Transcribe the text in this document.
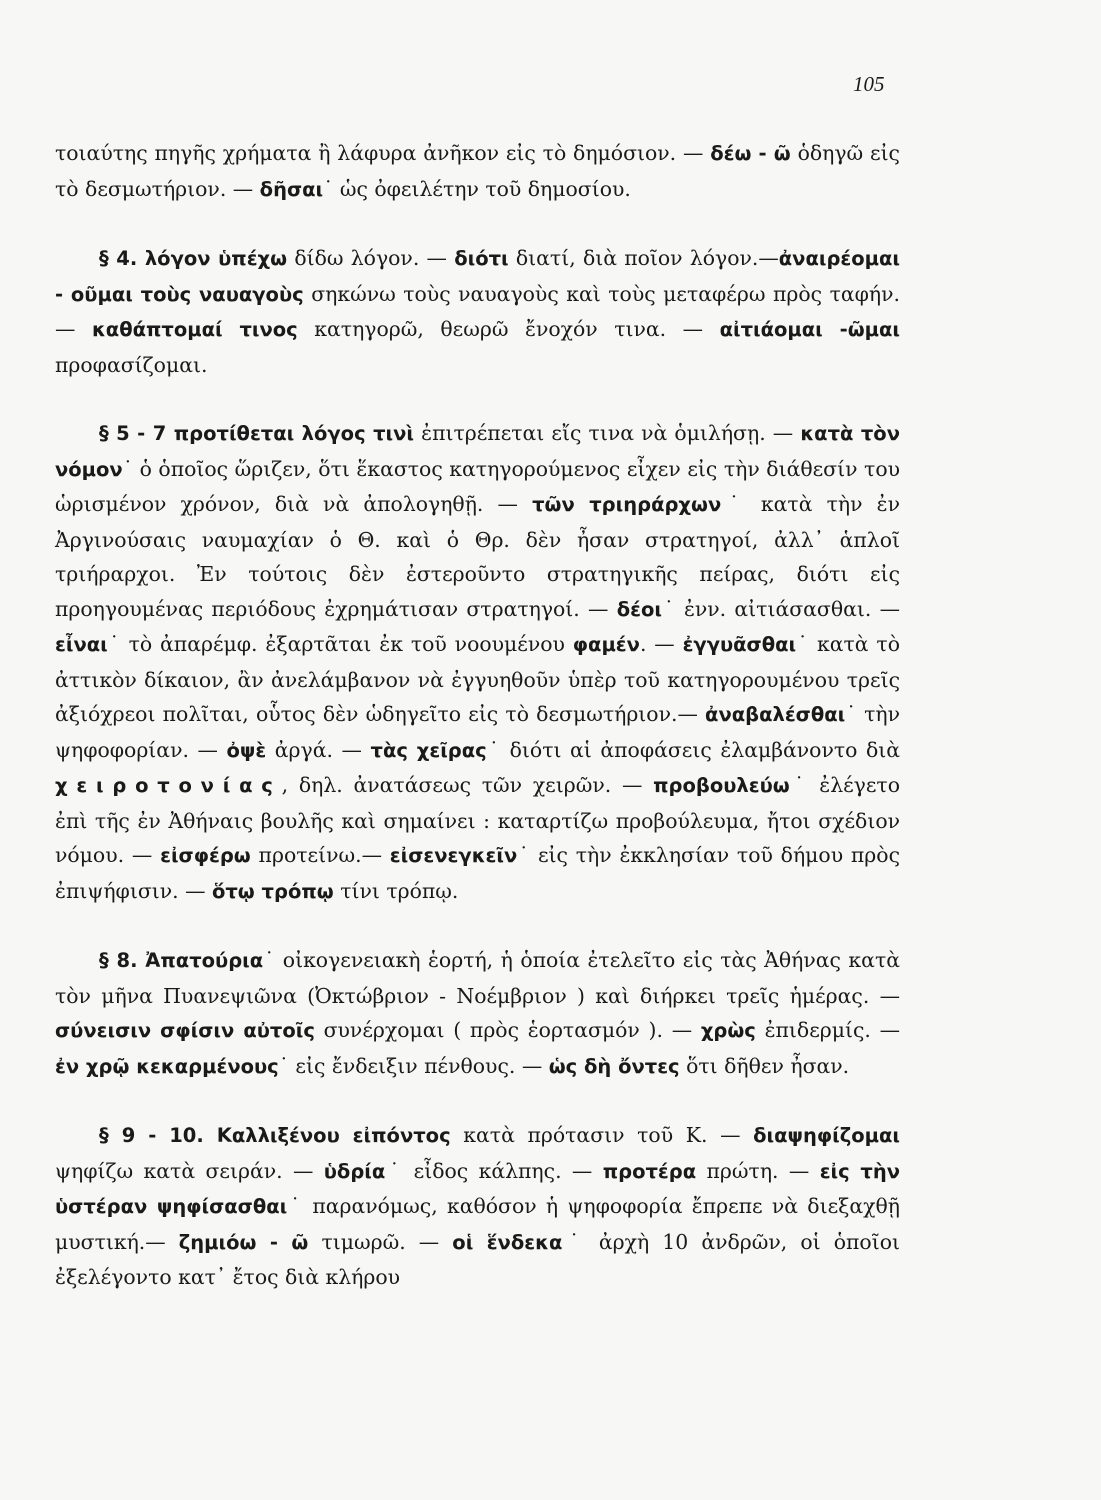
105

τοιαύτης πηγῆς χρήματα ἢ λάφυρα ἀνῆκον εἰς τὸ δημόσιον. — δέω - ῶ ὁδηγῶ εἰς τὸ δεσμωτήριον. — δῆσαι˙ ὡς ὀφειλέτην τοῦ δημοσίου.

§ 4. λόγον ὑπέχω δίδω λόγον. — διότι διατί, διὰ ποῖον λόγον.—ἀναιρέομαι - οῦμαι τοὺς ναυαγοὺς σηκώνω τοὺς ναυαγοὺς καὶ τοὺς μεταφέρω πρὸς ταφήν. — καθάπτομαί τινος κατηγορῶ, θεωρῶ ἔνοχόν τινα. — αἰτιάομαι -ῶμαι προφασίζομαι.

§ 5 - 7 προτίθεται λόγος τινὶ ἐπιτρέπεται εἴς τινα νὰ ὁμιλήσῃ. — κατὰ τὸν νόμον˙ ὁ ὁποῖος ὥριζεν, ὅτι ἕκαστος κατηγορούμενος εἶχεν εἰς τὴν διάθεσίν του ὡρισμένον χρόνον, διὰ νὰ ἀπολογηθῇ. — τῶν τριηράρχων˙ κατὰ τὴν ἐν Ἀργινούσαις ναυμαχίαν ὁ Θ. καὶ ὁ Θρ. δὲν ἦσαν στρατηγοί, ἀλλ᾿ ἁπλοῖ τριήραρχοι. Ἐν τούτοις δὲν ἐστεροῦντο στρατηγικῆς πείρας, διότι εἰς προηγουμένας περιόδους ἐχρημάτισαν στρατηγοί. — δέοι˙ ἐνν. αἰτιάσασθαι. — εἶναι˙ τὸ ἀπαρέμφ. ἐξαρτᾶται ἐκ τοῦ νοουμένου φαμέν. — ἐγγυᾶσθαι˙ κατὰ τὸ ἀττικὸν δίκαιον, ἂν ἀνελάμβανον νὰ ἐγγυηθοῦν ὑπὲρ τοῦ κατηγορουμένου τρεῖς ἀξιόχρεοι πολῖται, οὗτος δὲν ὡδηγεῖτο εἰς τὸ δεσμωτήριον.— ἀναβαλέσθαι˙ τὴν ψηφοφορίαν. — ὀψὲ ἀργά. — τὰς χεῖρας˙ διότι αἱ ἀποφάσεις ἐλαμβάνοντο διὰ χειροτονίας, δηλ. ἀνατάσεως τῶν χειρῶν. — προβουλεύω˙ ἐλέγετο ἐπὶ τῆς ἐν Ἀθήναις βουλῆς καὶ σημαίνει : καταρτίζω προβούλευμα, ἤτοι σχέδιον νόμου. — εἰσφέρω προτείνω.— εἰσενεγκεῖν˙ εἰς τὴν ἐκκλησίαν τοῦ δήμου πρὸς ἐπιψήφισιν. — ὅτῳ τρόπῳ τίνι τρόπῳ.

§ 8. Ἀπατούρια˙ οἰκογενειακὴ ἑορτή, ἡ ὁποία ἐτελεῖτο εἰς τὰς Ἀθήνας κατὰ τὸν μῆνα Πυανεψιῶνα (Ὀκτώβριον - Νοέμβριον ) καὶ διήρκει τρεῖς ἡμέρας. — σύνεισιν σφίσιν αὐτοῖς συνέρχομαι ( πρὸς ἑορτασμόν ). — χρὼς ἐπιδερμίς. — ἐν χρῷ κεκαρμένους˙ εἰς ἔνδειξιν πένθους. — ὡς δὴ ὄντες ὅτι δῆθεν ἦσαν.

§ 9 - 10. Καλλιξένου εἰπόντος κατὰ πρότασιν τοῦ Κ. — διαψηφίζομαι ψηφίζω κατὰ σειράν. — ὑδρία˙ εἶδος κάλπης. — προτέρα πρώτη. — εἰς τὴν ὑστέραν ψηφίσασθαι˙ παρανόμως, καθόσον ἡ ψηφοφορία ἔπρεπε νὰ διεξαχθῇ μυστική.— ζημιόω - ῶ τιμωρῶ. — οἱ ἕνδεκα˙ ἀρχὴ 10 ἀνδρῶν, οἱ ὁποῖοι ἐξελέγοντο κατ᾿ ἔτος διὰ κλήρου
